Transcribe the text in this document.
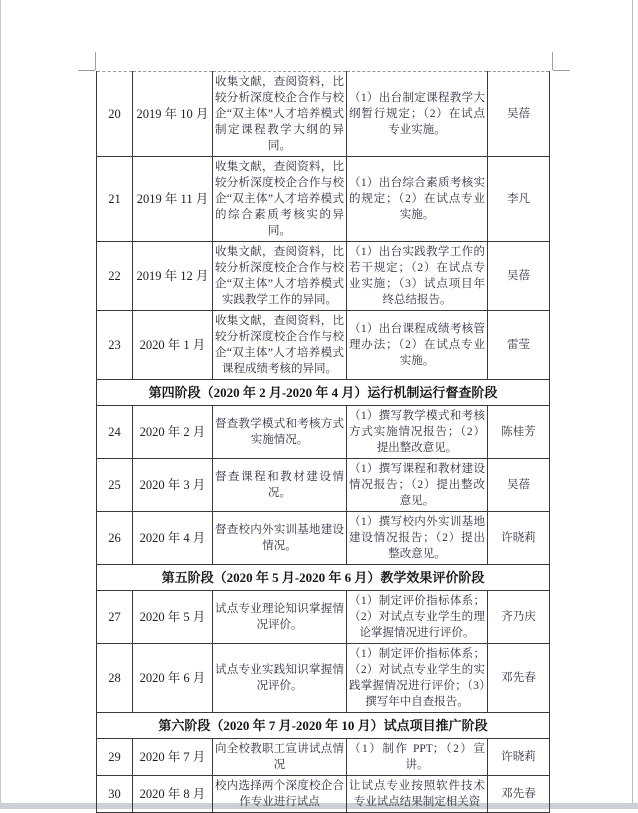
20	2019 年 10 月	收集文献，查阅资料，比较分析深度校企合作与校企“双主体”人才培养模式制定课程教学大纲的异同。	（1）出台制定课程教学大纲暂行规定；（2）在试点专业实施。	吴蓓
21	2019 年 11 月	收集文献，查阅资料，比较分析深度校企合作与校企“双主体”人才培养模式的综合素质考核实的异同。	（1）出台综合素质考核实的规定；（2）在试点专业实施。	李凡
22	2019 年 12 月	收集文献，查阅资料，比较分析深度校企合作与校企“双主体”人才培养模式实践教学工作的异同。	（1）出台实践教学工作的若干规定；（2）在试点专业实施；（3）试点项目年终总结报告。	吴蓓
23	2020 年 1 月	收集文献，查阅资料，比较分析深度校企合作与校企“双主体”人才培养模式课程成绩考核的异同。	（1）出台课程成绩考核管理办法；（2）在试点专业实施。	雷莹
第四阶段（2020 年 2 月-2020 年 4 月）运行机制运行督查阶段				
24	2020 年 2 月	督查教学模式和考核方式实施情况。	（1）撰写教学模式和考核方式实施情况报告；（2）提出整改意见。	陈桂芳
25	2020 年 3 月	督查课程和教材建设情况。	（1）撰写课程和教材建设情况报告；（2）提出整改意见。	吴蓓
26	2020 年 4 月	督查校内外实训基地建设情况。	（1）撰写校内外实训基地建设情况报告；（2）提出整改意见。	许晓莉
第五阶段（2020 年 5 月-2020 年 6 月）教学效果评价阶段				
27	2020 年 5 月	试点专业理论知识掌握情况评价。	（1）制定评价指标体系；（2）对试点专业学生的理论掌握情况进行评价。	齐乃庆
28	2020 年 6 月	试点专业实践知识掌握情况评价。	（1）制定评价指标体系；（2）对试点专业学生的实践掌握情况进行评价；（3）撰写年中自查报告。	邓先春
第六阶段（2020 年 7 月-2020 年 10 月）试点项目推广阶段				
29	2020 年 7 月	向全校教职工宣讲试点情况	（1）制作 PPT；（2）宣讲。	许晓莉
30	2020 年 8 月	校内选择两个深度校企合作专业进行试点	让试点专业按照软件技术专业试点结果制定相关资	邓先春
